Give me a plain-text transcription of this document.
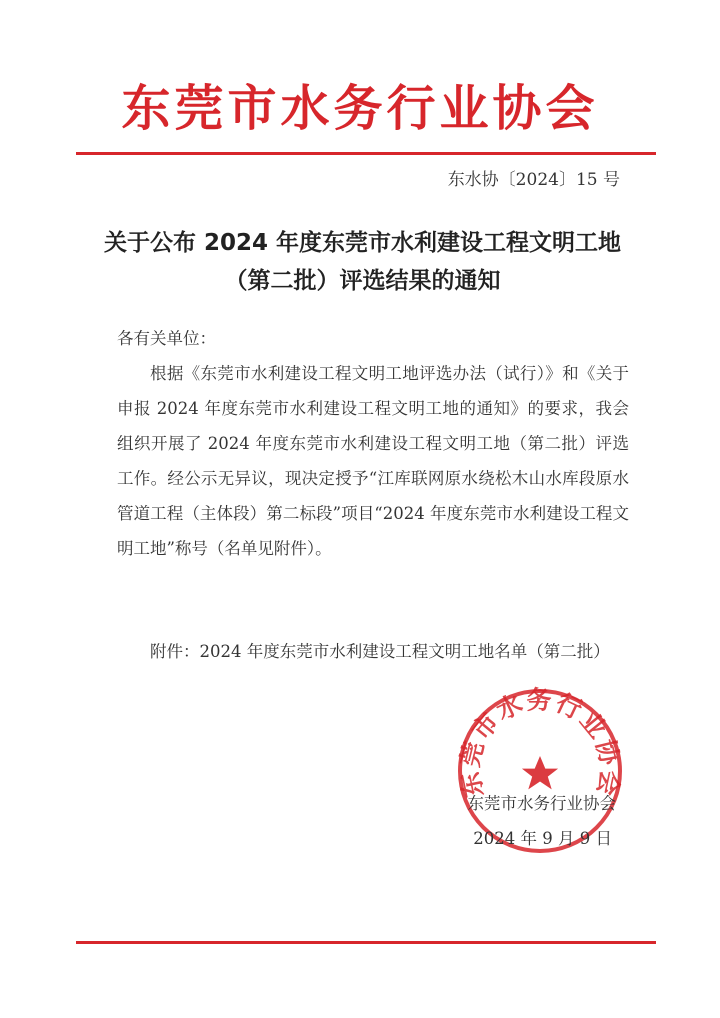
东莞市水务行业协会
东水协〔2024〕15 号
关于公布 2024 年度东莞市水利建设工程文明工地（第二批）评选结果的通知
各有关单位：

根据《东莞市水利建设工程文明工地评选办法（试行）》和《关于申报 2024 年度东莞市水利建设工程文明工地的通知》的要求，我会组织开展了 2024 年度东莞市水利建设工程文明工地（第二批）评选工作。经公示无异议，现决定授予“江库联网原水绕松木山水库段原水管道工程（主体段）第二标段”项目“2024 年度东莞市水利建设工程文明工地”称号（名单见附件）。

附件：2024 年度东莞市水利建设工程文明工地名单（第二批）

东莞市水务行业协会
东莞市水务行业协会
2024 年 9 月 9 日
